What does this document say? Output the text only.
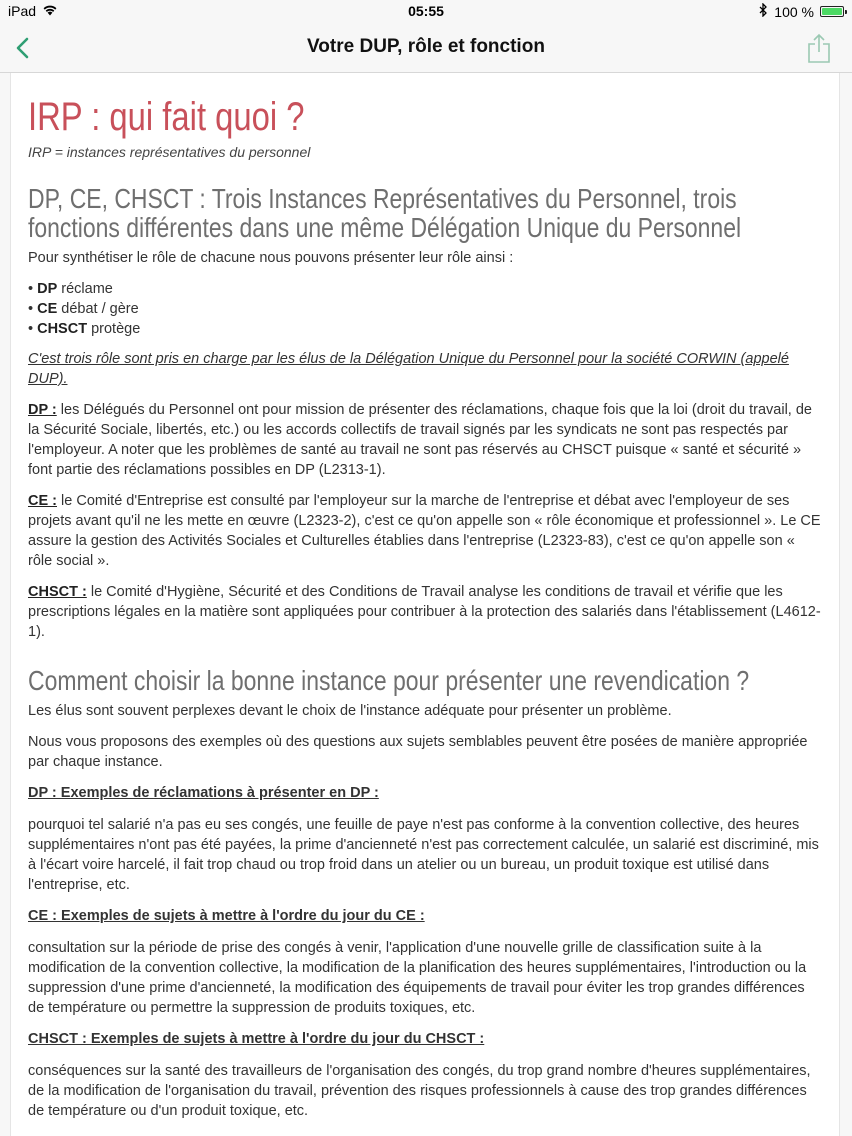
iPad	05:55	100 %
Votre DUP, rôle et fonction
IRP : qui fait quoi ?
IRP = instances représentatives du personnel
DP, CE, CHSCT : Trois Instances Représentatives du Personnel, trois fonctions différentes dans une même Délégation Unique du Personnel

Pour synthétiser le rôle de chacune nous pouvons présenter leur rôle ainsi :

• DP réclame
• CE débat / gère
• CHSCT protège

C'est trois rôle sont pris en charge par les élus de la Délégation Unique du Personnel pour la société CORWIN (appelé DUP).

DP : les Délégués du Personnel ont pour mission de présenter des réclamations, chaque fois que la loi (droit du travail, de la Sécurité Sociale, libertés, etc.) ou les accords collectifs de travail signés par les syndicats ne sont pas respectés par l'employeur. A noter que les problèmes de santé au travail ne sont pas réservés au CHSCT puisque « santé et sécurité » font partie des réclamations possibles en DP (L2313-1).

CE : le Comité d'Entreprise est consulté par l'employeur sur la marche de l'entreprise et débat avec l'employeur de ses projets avant qu'il ne les mette en œuvre (L2323-2), c'est ce qu'on appelle son « rôle économique et professionnel ». Le CE assure la gestion des Activités Sociales et Culturelles établies dans l'entreprise (L2323-83), c'est ce qu'on appelle son « rôle social ».

CHSCT : le Comité d'Hygiène, Sécurité et des Conditions de Travail analyse les conditions de travail et vérifie que les prescriptions légales en la matière sont appliquées pour contribuer à la protection des salariés dans l'établissement (L4612-1).

Comment choisir la bonne instance pour présenter une revendication ?

Les élus sont souvent perplexes devant le choix de l'instance adéquate pour présenter un problème.

Nous vous proposons des exemples où des questions aux sujets semblables peuvent être posées de manière appropriée par chaque instance.

DP : Exemples de réclamations à présenter en DP :

pourquoi tel salarié n'a pas eu ses congés, une feuille de paye n'est pas conforme à la convention collective, des heures supplémentaires n'ont pas été payées, la prime d'ancienneté n'est pas correctement calculée, un salarié est discriminé, mis à l'écart voire harcelé, il fait trop chaud ou trop froid dans un atelier ou un bureau, un produit toxique est utilisé dans l'entreprise, etc.

CE : Exemples de sujets à mettre à l'ordre du jour du CE :

consultation sur la période de prise des congés à venir, l'application d'une nouvelle grille de classification suite à la modification de la convention collective, la modification de la planification des heures supplémentaires, l'introduction ou la suppression d'une prime d'ancienneté, la modification des équipements de travail pour éviter les trop grandes différences de température ou permettre la suppression de produits toxiques, etc.

CHSCT : Exemples de sujets à mettre à l'ordre du jour du CHSCT :

conséquences sur la santé des travailleurs de l'organisation des congés, du trop grand nombre d'heures supplémentaires, de la modification de l'organisation du travail, prévention des risques professionnels à cause des trop grandes différences de température ou d'un produit toxique, etc.
